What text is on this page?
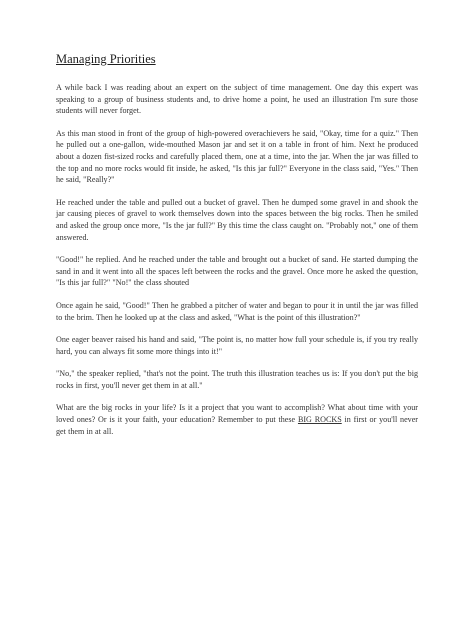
Managing Priorities

A while back I was reading about an expert on the subject of time management. One day this expert was speaking to a group of business students and, to drive home a point, he used an illustration I'm sure those students will never forget.

As this man stood in front of the group of high-powered overachievers he said, "Okay, time for a quiz." Then he pulled out a one-gallon, wide-mouthed Mason jar and set it on a table in front of him. Next he produced about a dozen fist-sized rocks and carefully placed them, one at a time, into the jar. When the jar was filled to the top and no more rocks would fit inside, he asked, "Is this jar full?" Everyone in the class said, "Yes." Then he said, "Really?"

He reached under the table and pulled out a bucket of gravel. Then he dumped some gravel in and shook the jar causing pieces of gravel to work themselves down into the spaces between the big rocks. Then he smiled and asked the group once more, "Is the jar full?" By this time the class caught on. "Probably not," one of them answered.

"Good!" he replied. And he reached under the table and brought out a bucket of sand. He started dumping the sand in and it went into all the spaces left between the rocks and the gravel. Once more he asked the question, "Is this jar full?" "No!" the class shouted

Once again he said, "Good!" Then he grabbed a pitcher of water and began to pour it in until the jar was filled to the brim. Then he looked up at the class and asked, "What is the point of this illustration?"

One eager beaver raised his hand and said, "The point is, no matter how full your schedule is, if you try really hard, you can always fit some more things into it!"

"No," the speaker replied, "that's not the point. The truth this illustration teaches us is: If you don't put the big rocks in first, you'll never get them in at all."

What are the big rocks in your life? Is it a project that you want to accomplish? What about time with your loved ones? Or is it your faith, your education? Remember to put these BIG ROCKS in first or you'll never get them in at all.
